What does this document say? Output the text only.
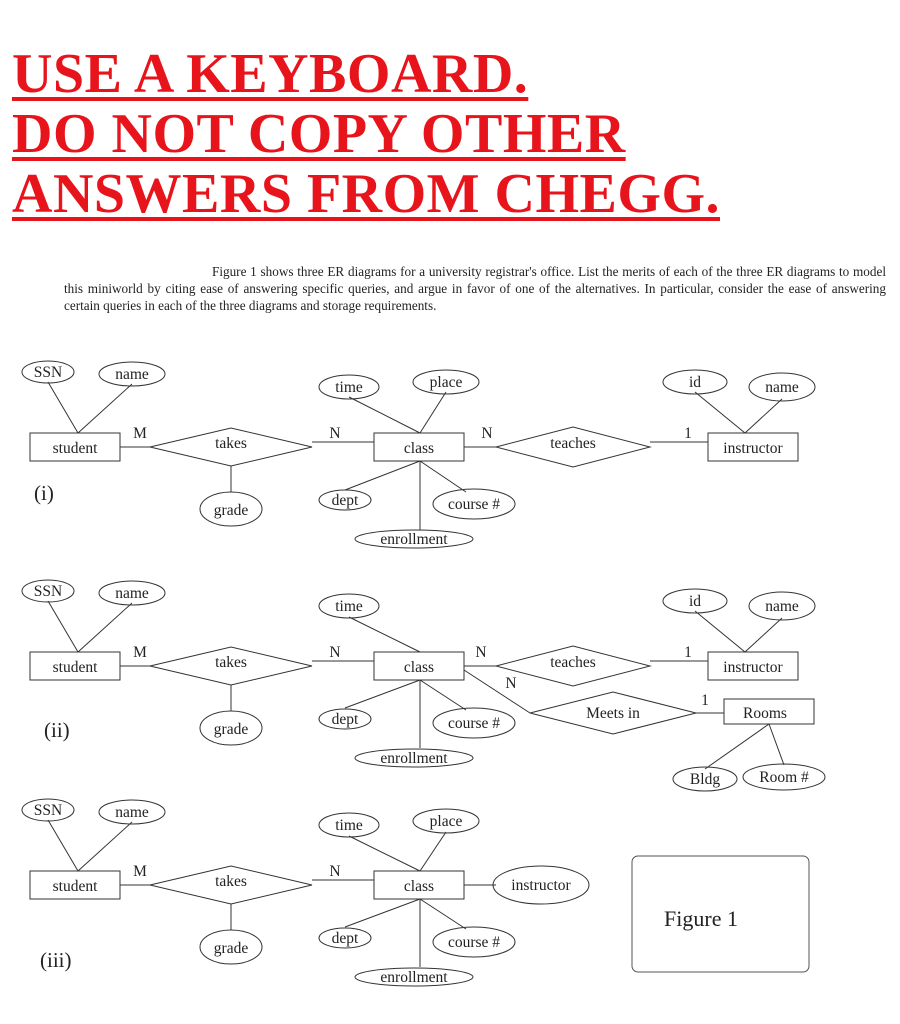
USE A KEYBOARD.
DO NOT COPY OTHER
ANSWERS FROM CHEGG.

Figure 1 shows three ER diagrams for a university registrar's office. List the merits of each of the three ER diagrams to model this miniworld by citing ease of answering specific queries, and argue in favor of one of the alternatives. In particular, consider the ease of answering certain queries in each of the three diagrams and storage requirements.

SSN	name
student	takes
grade
time	place
class
dept	course #
enrollment
teaches
id	name
instructor
M	N	N	1
(i)
SSN	name
student	takes
grade
time
class
dept	course #
enrollment
teaches
id	name
instructor
Meets in	Rooms
Bldg	Room #
M	N	N	1
N
1
(ii)
SSN	name
student	takes
grade
time	place
class
dept	course #
enrollment
instructor
M	N
(iii)
Figure 1
